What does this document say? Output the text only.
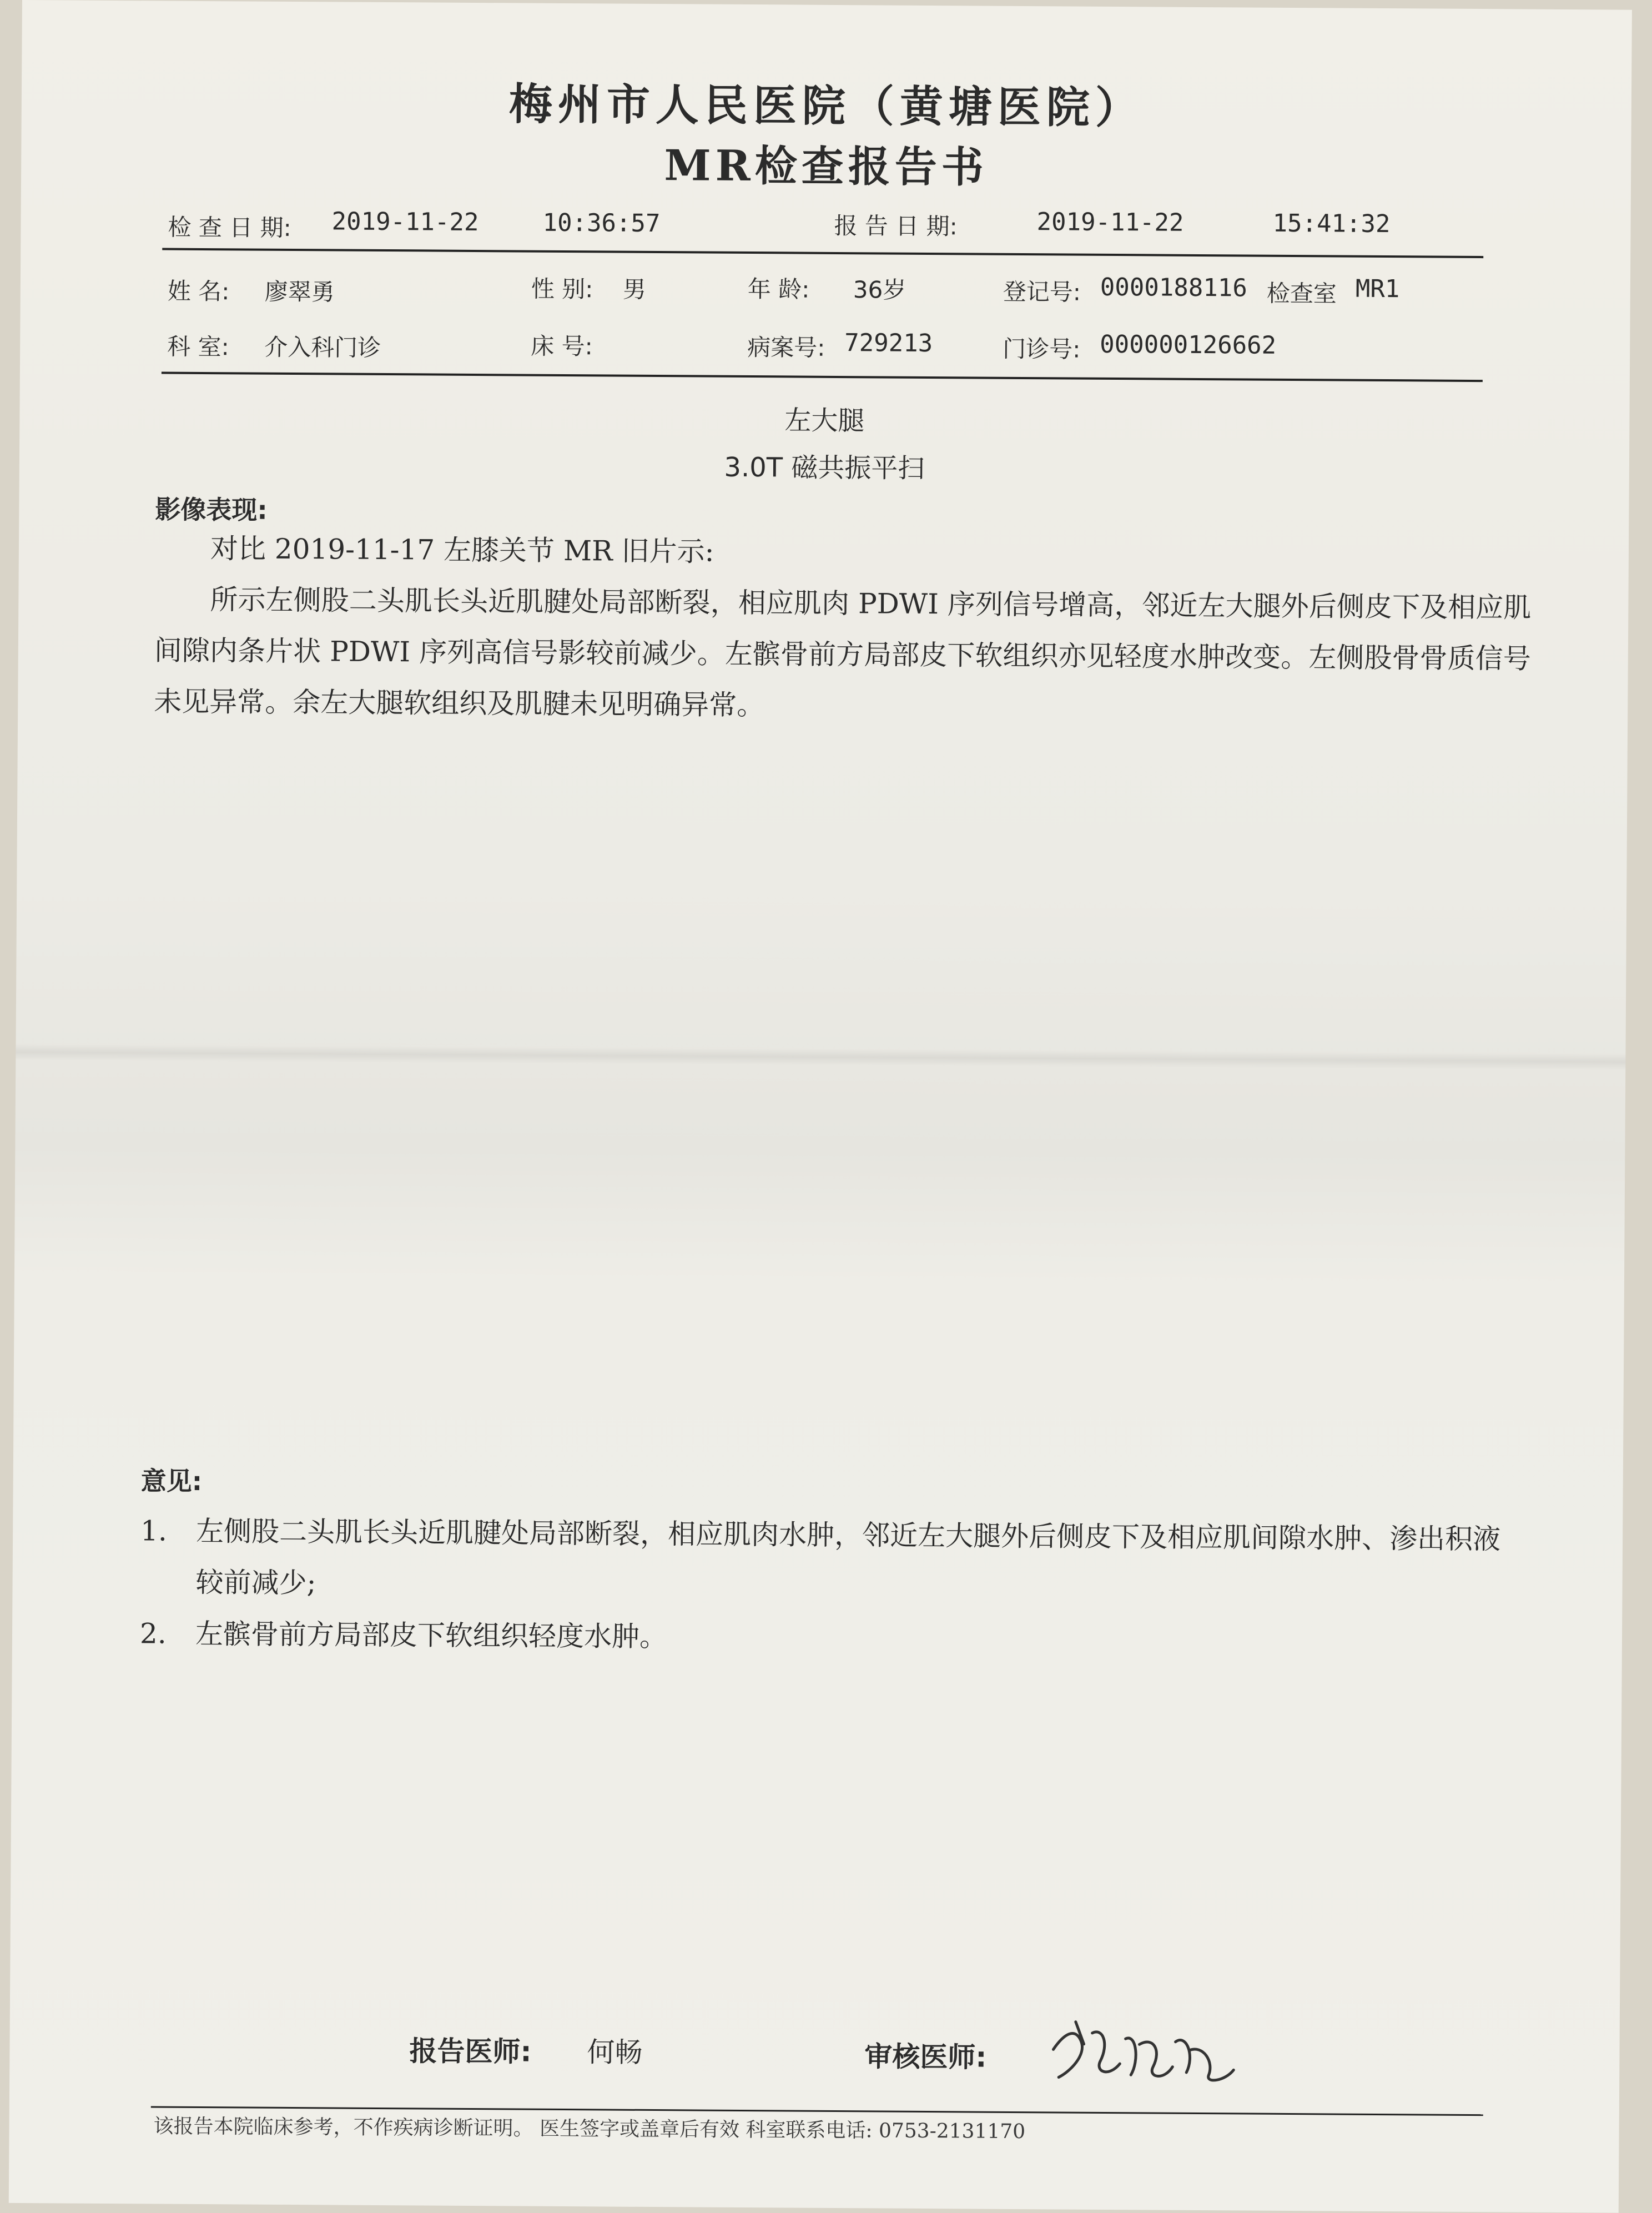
梅州市人民医院（黄塘医院）
MR检查报告书
检 查 日 期: 2019-11-22	10:36:57	报 告 日 期:	2019-11-22	15:41:32
姓 名: 廖翠勇	性 别: 男	年 龄: 36岁	登记号: 0000188116 检查室 MR1
科 室: 介入科门诊	床 号:	病案号: 729213	门诊号: 000000126662
左大腿
3.0T 磁共振平扫
影像表现:

对比 2019-11-17 左膝关节 MR 旧片示:

所示左侧股二头肌长头近肌腱处局部断裂，相应肌肉 PDWI 序列信号增高，邻近左大腿外后侧皮下及相应肌间隙内条片状 PDWI 序列高信号影较前减少。左髌骨前方局部皮下软组织亦见轻度水肿改变。左侧股骨骨质信号未见异常。余左大腿软组织及肌腱未见明确异常。

意见:
1.	左侧股二头肌长头近肌腱处局部断裂，相应肌肉水肿，邻近左大腿外后侧皮下及相应肌间隙水肿、渗出积液较前减少;
2.	左髌骨前方局部皮下软组织轻度水肿。
报告医师: 何畅	审核医师:
该报告本院临床参考，不作疾病诊断证明。 医生签字或盖章后有效 科室联系电话: 0753-2131170
